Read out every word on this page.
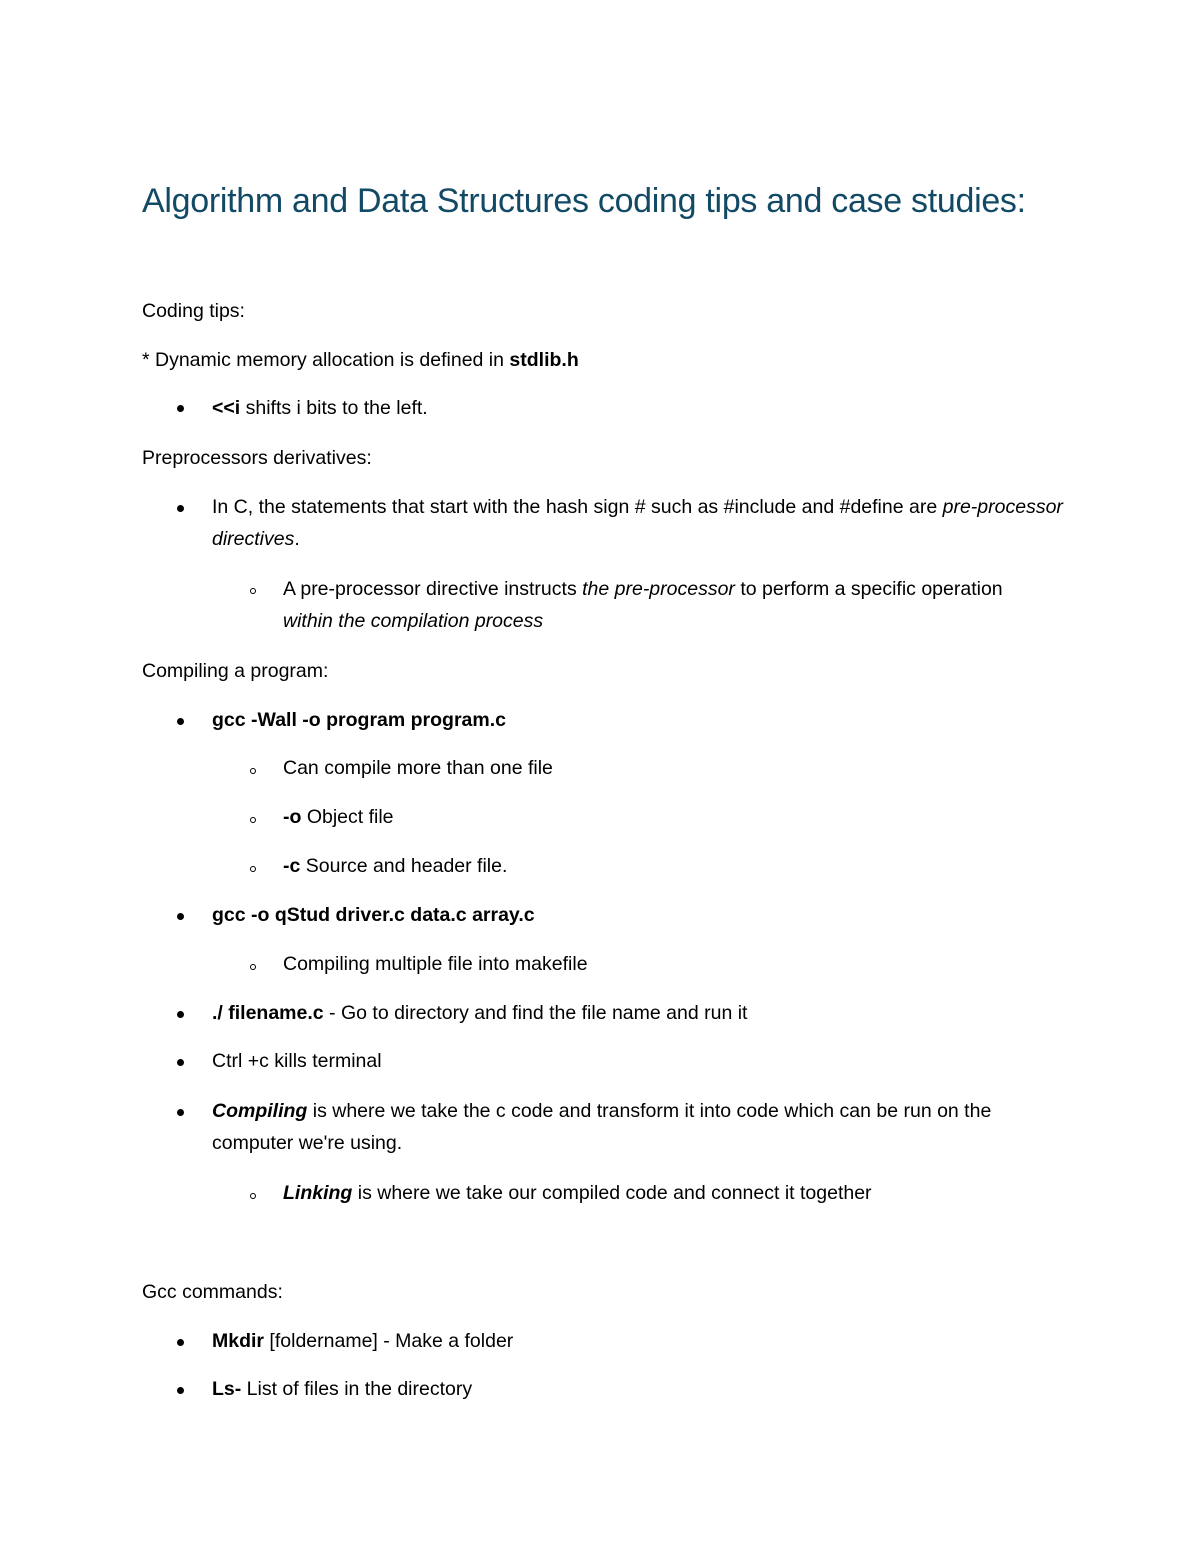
Algorithm and Data Structures coding tips and case studies:
Coding tips:
* Dynamic memory allocation is defined in stdlib.h
<<i shifts i bits to the left.
Preprocessors derivatives:
In C, the statements that start with the hash sign # such as #include and #define are pre-processor directives.
A pre-processor directive instructs the pre-processor to perform a specific operation within the compilation process
Compiling a program:
gcc -Wall -o program program.c
Can compile more than one file
-o Object file
-c Source and header file.
gcc -o qStud driver.c data.c array.c
Compiling multiple file into makefile
./ filename.c - Go to directory and find the file name and run it
Ctrl +c kills terminal
Compiling is where we take the c code and transform it into code which can be run on the computer we're using.
Linking is where we take our compiled code and connect it together
Gcc commands:
Mkdir [foldername] - Make a folder
Ls- List of files in the directory
